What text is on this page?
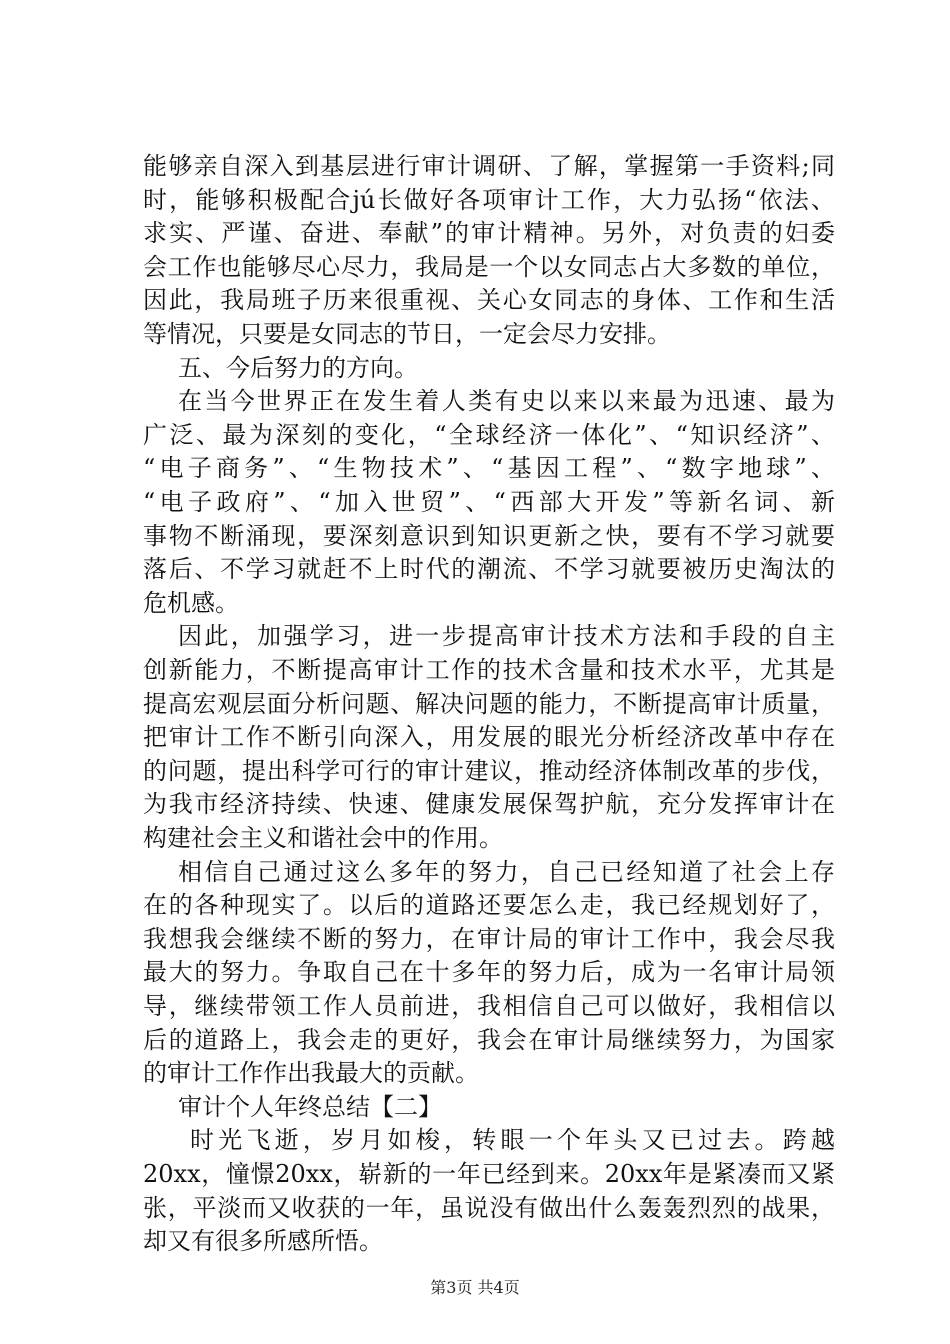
能够亲自深入到基层进行审计调研、了解，掌握第一手资料;同
时，能够积极配合jú长做好各项审计工作，大力弘扬“依法、
求实、严谨、奋进、奉献”的审计精神。另外，对负责的妇委
会工作也能够尽心尽力，我局是一个以女同志占大多数的单位，
因此，我局班子历来很重视、关心女同志的身体、工作和生活
等情况，只要是女同志的节日，一定会尽力安排。
五、今后努力的方向。
在当今世界正在发生着人类有史以来以来最为迅速、最为
广泛、最为深刻的变化，“全球经济一体化”、“知识经济”、
“电子商务”、“生物技术”、“基因工程”、“数字地球”、
“电子政府”、“加入世贸”、“西部大开发”等新名词、新
事物不断涌现，要深刻意识到知识更新之快，要有不学习就要
落后、不学习就赶不上时代的潮流、不学习就要被历史淘汰的
危机感。
因此，加强学习，进一步提高审计技术方法和手段的自主
创新能力，不断提高审计工作的技术含量和技术水平，尤其是
提高宏观层面分析问题、解决问题的能力，不断提高审计质量，
把审计工作不断引向深入，用发展的眼光分析经济改革中存在
的问题，提出科学可行的审计建议，推动经济体制改革的步伐，
为我市经济持续、快速、健康发展保驾护航，充分发挥审计在
构建社会主义和谐社会中的作用。
相信自己通过这么多年的努力，自己已经知道了社会上存
在的各种现实了。以后的道路还要怎么走，我已经规划好了，
我想我会继续不断的努力，在审计局的审计工作中，我会尽我
最大的努力。争取自己在十多年的努力后，成为一名审计局领
导，继续带领工作人员前进，我相信自己可以做好，我相信以
后的道路上，我会走的更好，我会在审计局继续努力，为国家
的审计工作作出我最大的贡献。
审计个人年终总结【二】
时光飞逝，岁月如梭，转眼一个年头又已过去。跨越
20xx，憧憬20xx，崭新的一年已经到来。20xx年是紧凑而又紧
张，平淡而又收获的一年，虽说没有做出什么轰轰烈烈的战果，
却又有很多所感所悟。
第3页 共4页
